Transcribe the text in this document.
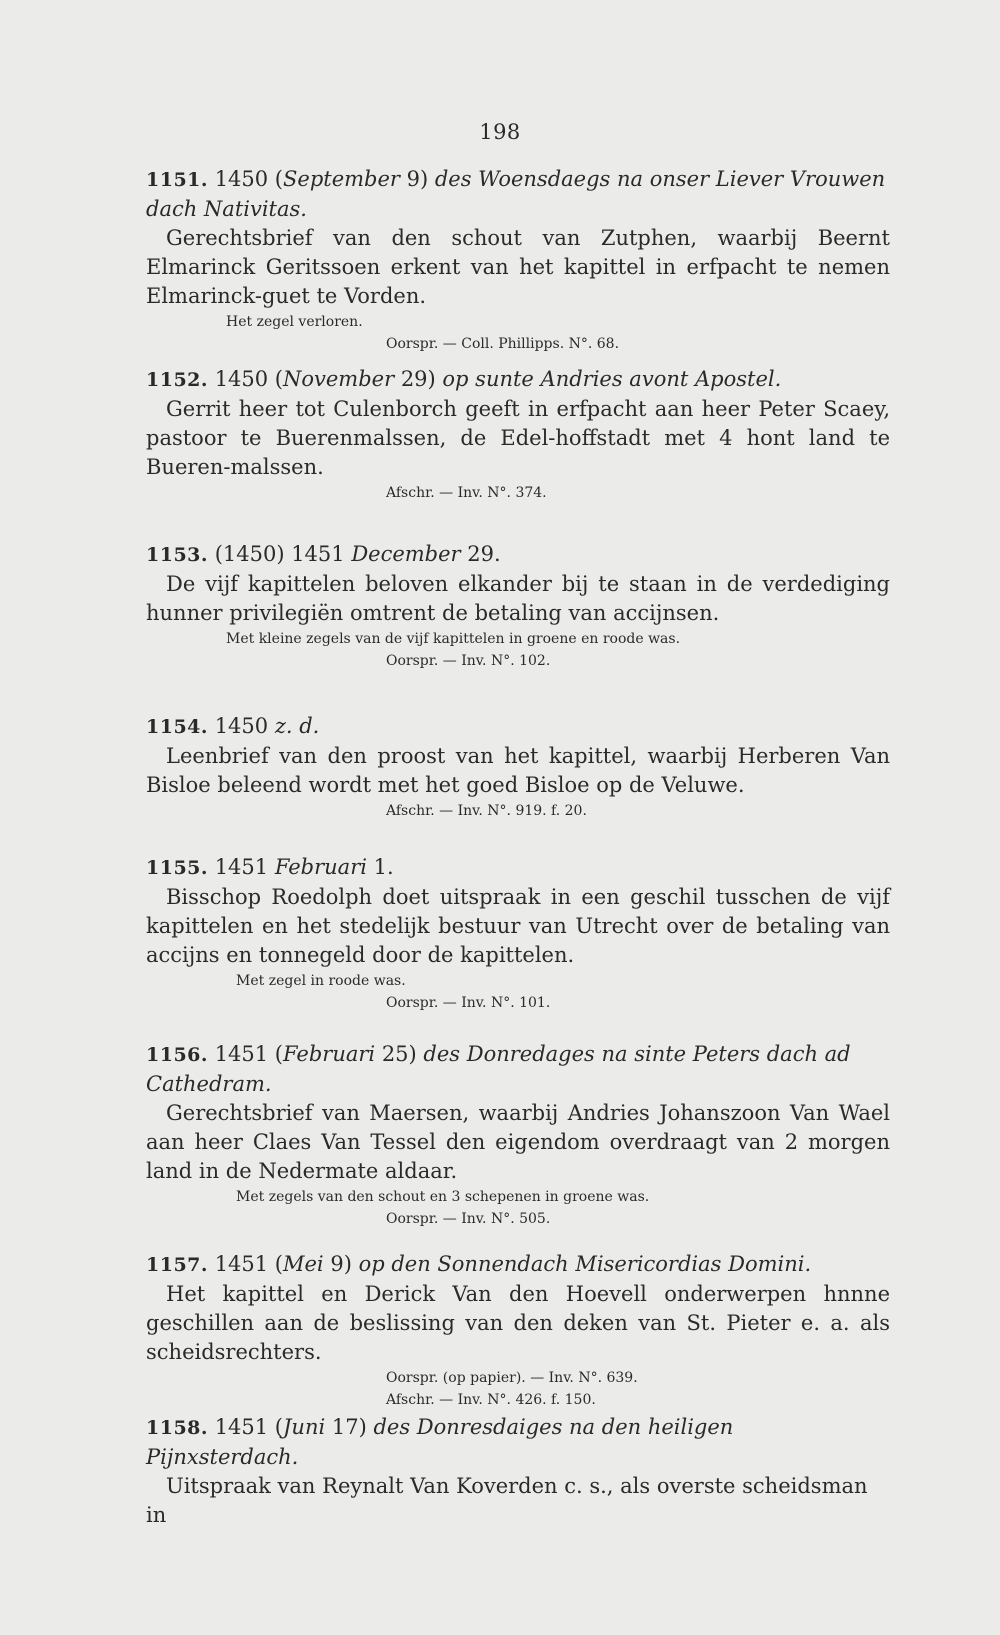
198
1151. 1450 (September 9) des Woensdaegs na onser Liever Vrouwen dach Nativitas.
Gerechtsbrief van den schout van Zutphen, waarbij Beernt Elmarinck Geritssoen erkent van het kapittel in erfpacht te nemen Elmarinck-guet te Vorden.
Het zegel verloren.
Oorspr. — Coll. Phillipps. N°. 68.
1152. 1450 (November 29) op sunte Andries avont Apostel.
Gerrit heer tot Culenborch geeft in erfpacht aan heer Peter Scaey, pastoor te Buerenmalssen, de Edel-hoffstadt met 4 hont land te Bueren-malssen.
Afschr. — Inv. N°. 374.
1153. (1450) 1451 December 29.
De vijf kapittelen beloven elkander bij te staan in de verdediging hunner privilegiën omtrent de betaling van accijnsen.
Met kleine zegels van de vijf kapittelen in groene en roode was.
Oorspr. — Inv. N°. 102.
1154. 1450 z. d.
Leenbrief van den proost van het kapittel, waarbij Herberen Van Bisloe beleend wordt met het goed Bisloe op de Veluwe.
Afschr. — Inv. N°. 919. f. 20.
1155. 1451 Februari 1.
Bisschop Roedolph doet uitspraak in een geschil tusschen de vijf kapittelen en het stedelijk bestuur van Utrecht over de betaling van accijns en tonnegeld door de kapittelen.
Met zegel in roode was.
Oorspr. — Inv. N°. 101.
1156. 1451 (Februari 25) des Donredages na sinte Peters dach ad Cathedram.
Gerechtsbrief van Maersen, waarbij Andries Johanszoon Van Wael aan heer Claes Van Tessel den eigendom overdraagt van 2 morgen land in de Nedermate aldaar.
Met zegels van den schout en 3 schepenen in groene was.
Oorspr. — Inv. N°. 505.
1157. 1451 (Mei 9) op den Sonnendach Misericordias Domini.
Het kapittel en Derick Van den Hoevell onderwerpen hnnne geschillen aan de beslissing van den deken van St. Pieter e. a. als scheidsrechters.
Oorspr. (op papier). — Inv. N°. 639.
Afschr. — Inv. N°. 426. f. 150.
1158. 1451 (Juni 17) des Donresdaiges na den heiligen Pijnxsterdach.
Uitspraak van Reynalt Van Koverden c. s., als overste scheidsman in
